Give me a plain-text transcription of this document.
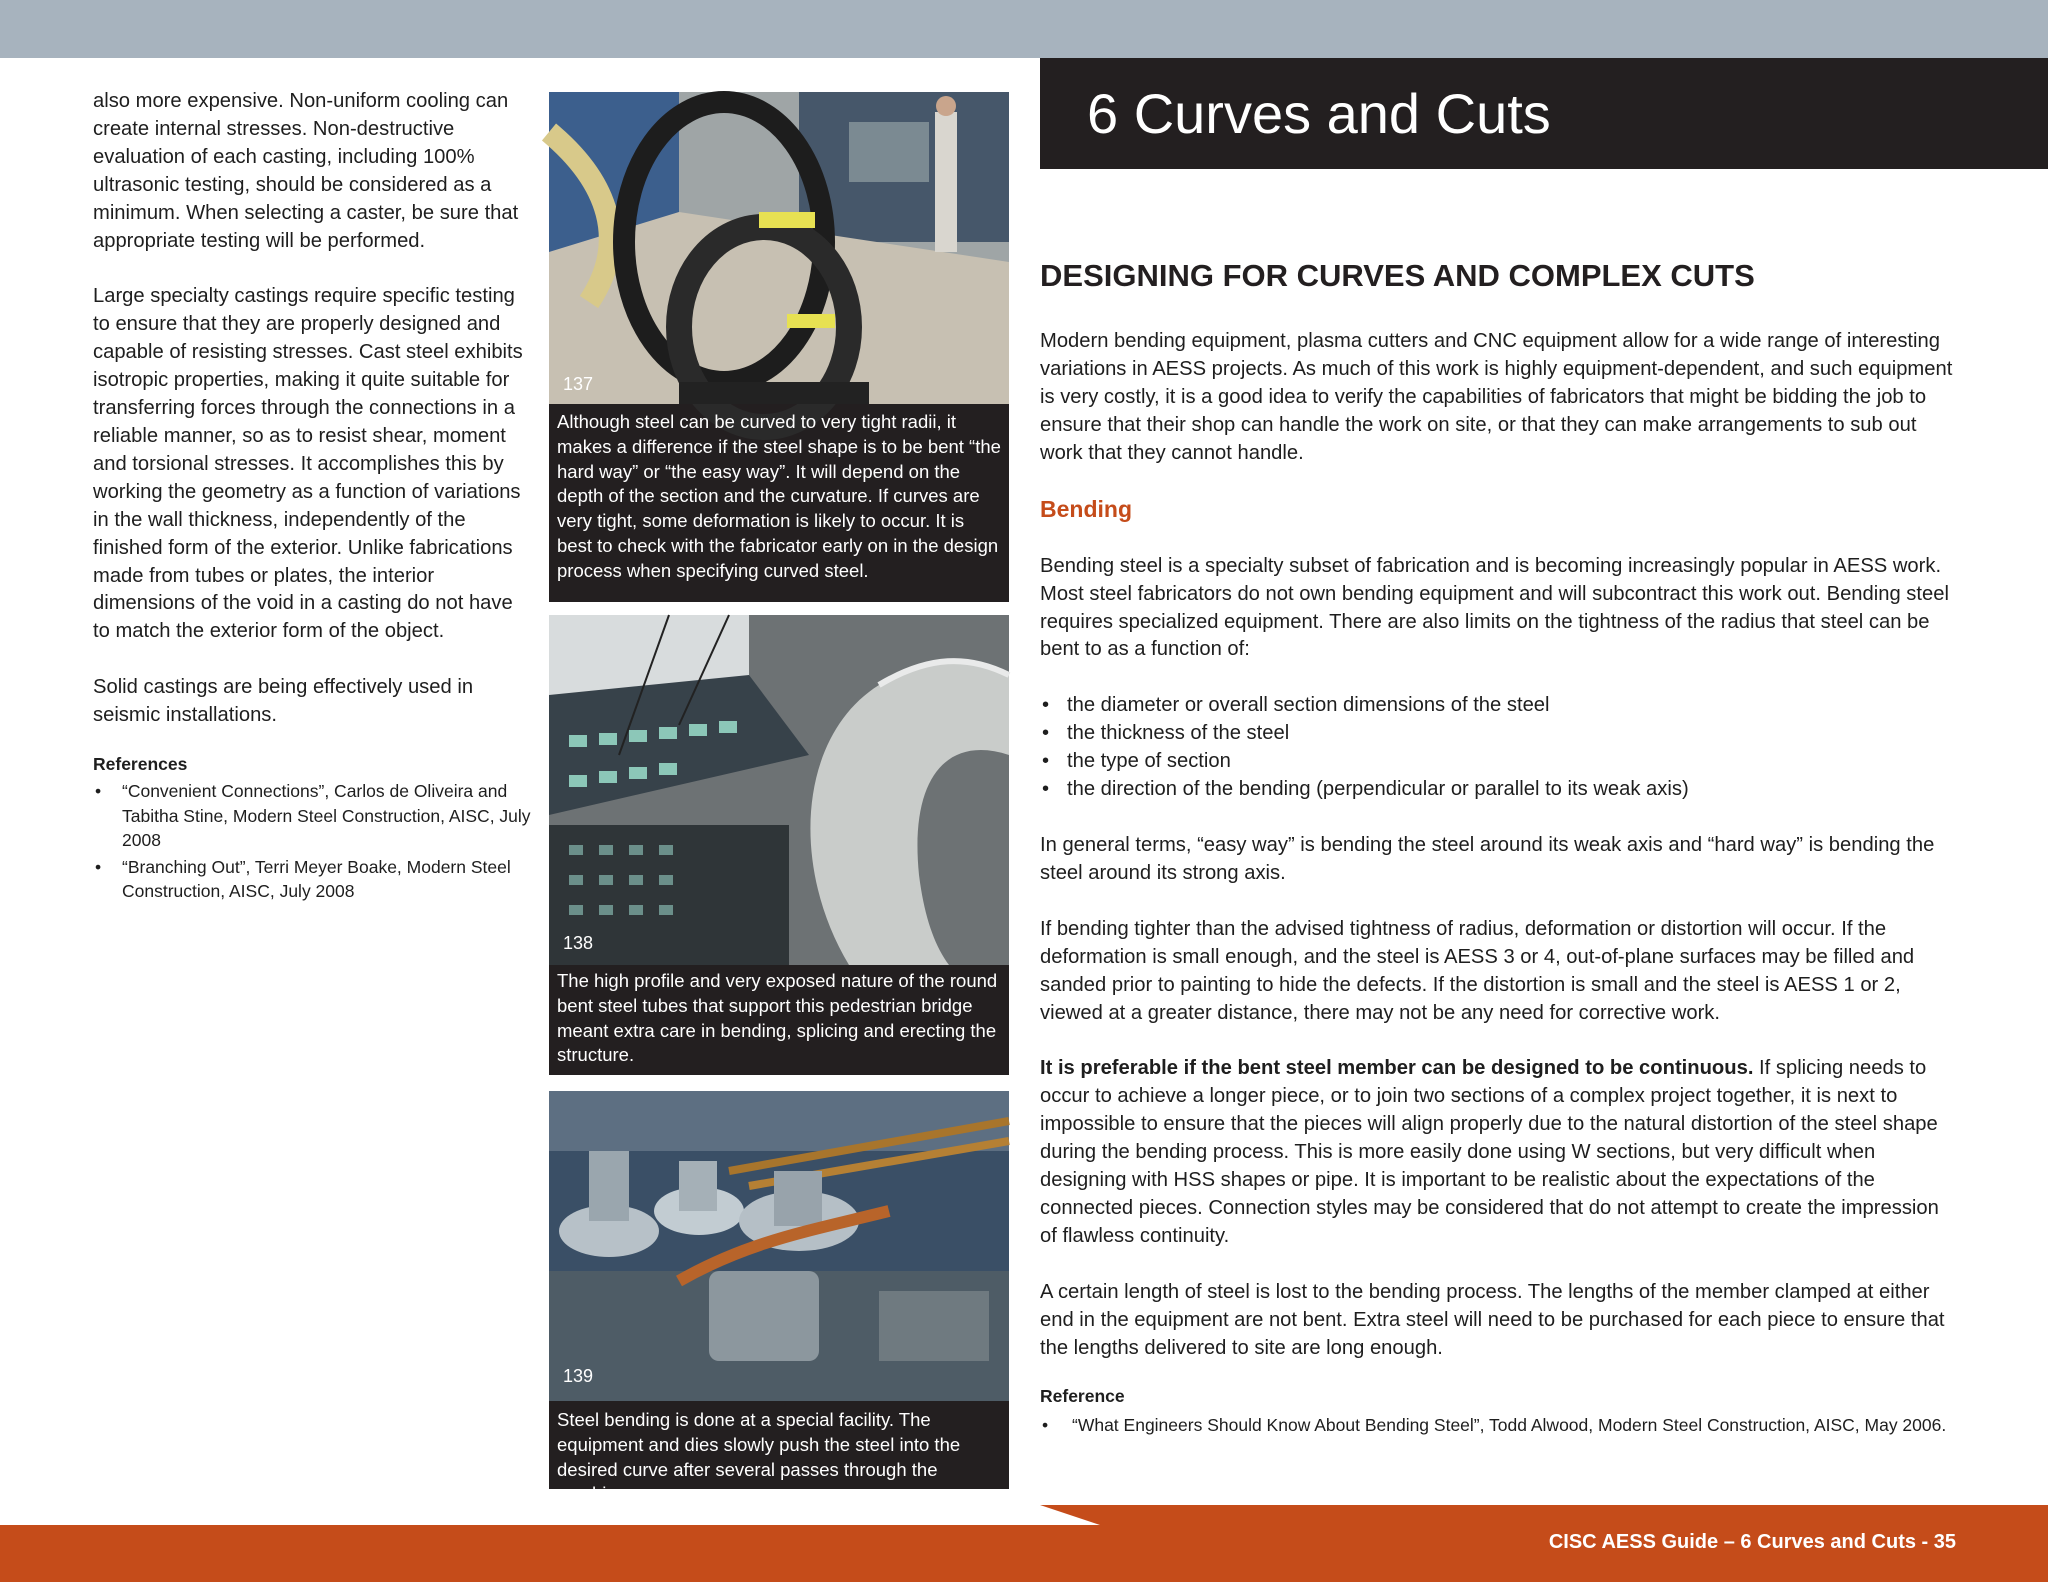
6 Curves and Cuts

also more expensive. Non-uniform cooling can create internal stresses. Non-destructive evaluation of each casting, including 100% ultrasonic testing, should be considered as a minimum. When selecting a caster, be sure that appropriate testing will be performed.

Large specialty castings require specific testing to ensure that they are properly designed and capable of resisting stresses. Cast steel exhibits isotropic properties, making it quite suitable for transferring forces through the connections in a reliable manner, so as to resist shear, moment and torsional stresses. It accomplishes this by working the geometry as a function of variations in the wall thickness, independently of the finished form of the exterior. Unlike fabrications made from tubes or plates, the interior dimensions of the void in a casting do not have to match the exterior form of the object.

Solid castings are being effectively used in seismic installations.

References
• “Convenient Connections”, Carlos de Oliveira and Tabitha Stine, Modern Steel Construction, AISC, July 2008
• “Branching Out”, Terri Meyer Boake, Modern Steel Construction, AISC, July 2008
137
Although steel can be curved to very tight radii, it makes a difference if the steel shape is to be bent “the hard way” or “the easy way”. It will depend on the depth of the section and the curvature. If curves are very tight, some deformation is likely to occur. It is best to check with the fabricator early on in the design process when specifying curved steel.
138
The high profile and very exposed nature of the round bent steel tubes that support this pedestrian bridge meant extra care in bending, splicing and erecting the structure.
139
Steel bending is done at a special facility. The equipment and dies slowly push the steel into the desired curve after several passes through the machine.
DESIGNING FOR CURVES AND COMPLEX CUTS

Modern bending equipment, plasma cutters and CNC equipment allow for a wide range of interesting variations in AESS projects. As much of this work is highly equipment-dependent, and such equipment is very costly, it is a good idea to verify the capabilities of fabricators that might be bidding the job to ensure that their shop can handle the work on site, or that they can make arrangements to sub out work that they cannot handle.

Bending

Bending steel is a specialty subset of fabrication and is becoming increasingly popular in AESS work. Most steel fabricators do not own bending equipment and will subcontract this work out. Bending steel requires specialized equipment. There are also limits on the tightness of the radius that steel can be bent to as a function of:

• the diameter or overall section dimensions of the steel
• the thickness of the steel
• the type of section
• the direction of the bending (perpendicular or parallel to its weak axis)

In general terms, “easy way” is bending the steel around its weak axis and “hard way” is bending the steel around its strong axis.

If bending tighter than the advised tightness of radius, deformation or distortion will occur. If the deformation is small enough, and the steel is AESS 3 or 4, out-of-plane surfaces may be filled and sanded prior to painting to hide the defects. If the distortion is small and the steel is AESS 1 or 2, viewed at a greater distance, there may not be any need for corrective work.

It is preferable if the bent steel member can be designed to be continuous. If splicing needs to occur to achieve a longer piece, or to join two sections of a complex project together, it is next to impossible to ensure that the pieces will align properly due to the natural distortion of the steel shape during the bending process. This is more easily done using W sections, but very difficult when designing with HSS shapes or pipe. It is important to be realistic about the expectations of the connected pieces. Connection styles may be considered that do not attempt to create the impression of flawless continuity.

A certain length of steel is lost to the bending process. The lengths of the member clamped at either end in the equipment are not bent. Extra steel will need to be purchased for each piece to ensure that the lengths delivered to site are long enough.

Reference
• “What Engineers Should Know About Bending Steel”, Todd Alwood, Modern Steel Construction, AISC, May 2006.
CISC AESS Guide – 6 Curves and Cuts - 35
